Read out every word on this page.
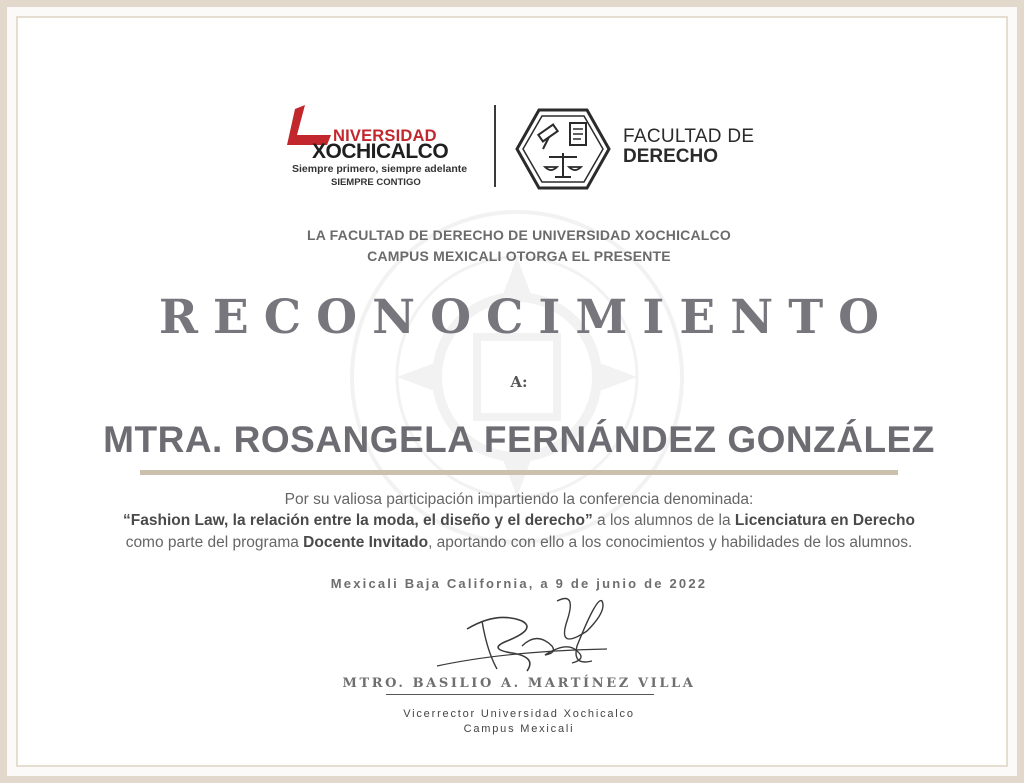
NIVERSIDAD
XOCHICALCO
Siempre primero, siempre adelante
SIEMPRE CONTIGO
FACULTAD DE
DERECHO
LA FACULTAD DE DERECHO DE UNIVERSIDAD XOCHICALCO
CAMPUS MEXICALI OTORGA EL PRESENTE
RECONOCIMIENTO
A:
MTRA. ROSANGELA FERNÁNDEZ GONZÁLEZ
Por su valiosa participación impartiendo la conferencia denominada:
“Fashion Law, la relación entre la moda, el diseño y el derecho” a los alumnos de la Licenciatura en Derecho
como parte del programa Docente Invitado, aportando con ello a los conocimientos y habilidades de los alumnos.
Mexicali Baja California, a 9 de junio de 2022
MTRO. BASILIO A. MARTÍNEZ VILLA
Vicerrector Universidad Xochicalco
Campus Mexicali
